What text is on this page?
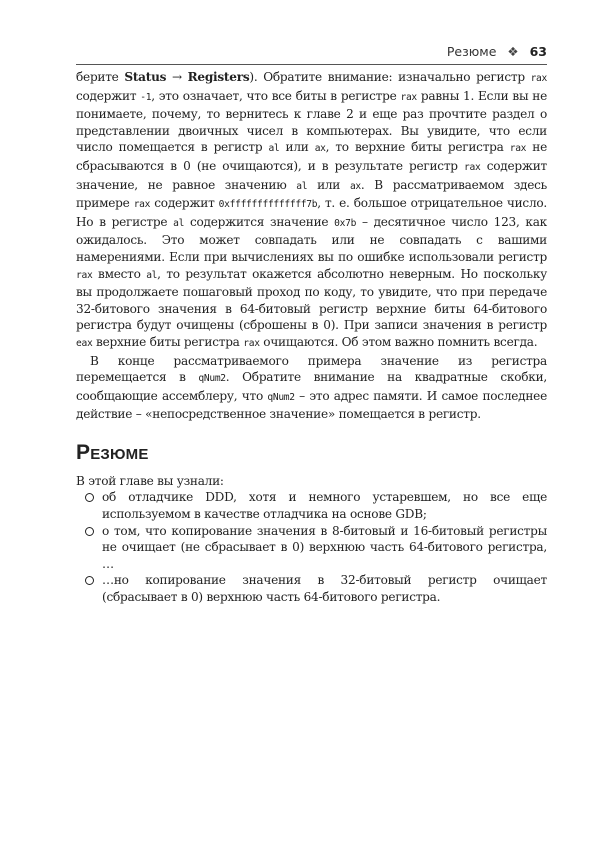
Резюме ❖ 63

берите Status → Registers). Обратите внимание: изначально регистр rax содержит -1, это означает, что все биты в регистре rax равны 1. Если вы не понимаете, почему, то вернитесь к главе 2 и еще раз прочтите раздел о представлении двоичных чисел в компьютерах. Вы увидите, что если число помещается в регистр al или ax, то верхние биты регистра rax не сбрасываются в 0 (не очищаются), и в результате регистр rax содержит значение, не равное значению al или ax. В рассматриваемом здесь примере rax содержит 0xffffffffffffff7b, т. е. большое отрицательное число. Но в регистре al содержится значение 0x7b – десятичное число 123, как ожидалось. Это может совпадать или не совпадать с вашими намерениями. Если при вычислениях вы по ошибке использовали регистр rax вместо al, то результат окажется абсолютно неверным. Но поскольку вы продолжаете пошаговый проход по коду, то увидите, что при передаче 32-битового значения в 64-битовый регистр верхние биты 64-битового регистра будут очищены (сброшены в 0). При записи значения в регистр eax верхние биты регистра rax очищаются. Об этом важно помнить всегда.

В конце рассматриваемого примера значение из регистра перемещается в qNum2. Обратите внимание на квадратные скобки, сообщающие ассемблеру, что qNum2 – это адрес памяти. И самое последнее действие – «непосредственное значение» помещается в регистр.

Резюме

В этой главе вы узнали:

об отладчике DDD, хотя и немного устаревшем, но все еще используемом в качестве отладчика на основе GDB;
о том, что копирование значения в 8-битовый и 16-битовый регистры не очищает (не сбрасывает в 0) верхнюю часть 64-битового регистра, …
…но копирование значения в 32-битовый регистр очищает (сбрасывает в 0) верхнюю часть 64-битового регистра.
